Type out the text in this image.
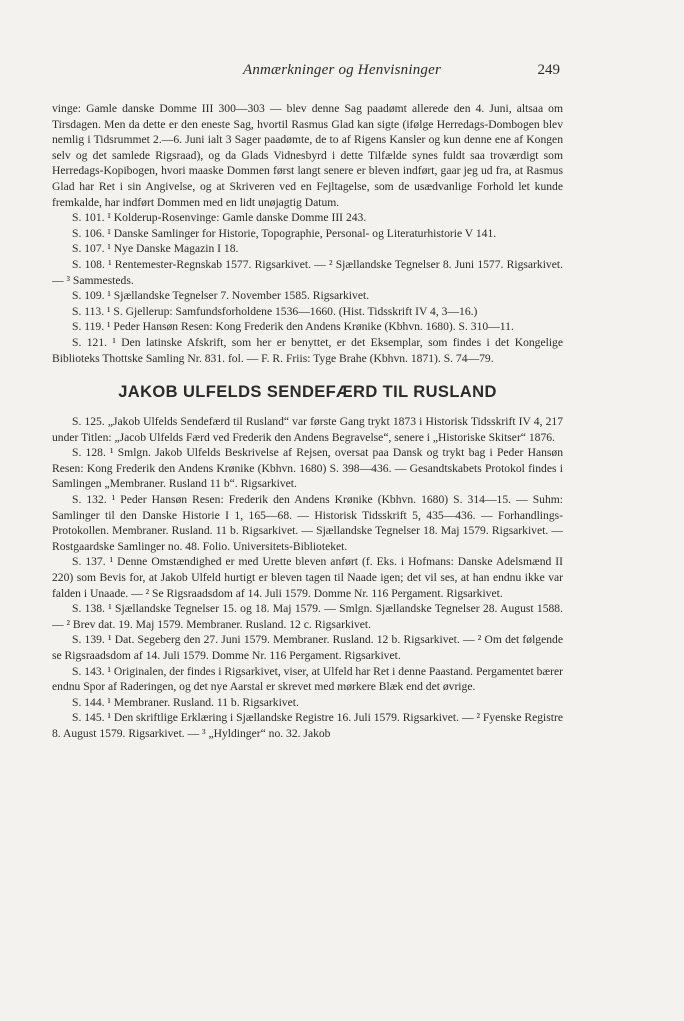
Anmærkninger og Henvisninger	249

vinge: Gamle danske Domme III 300—303 — blev denne Sag paadømt allerede den 4. Juni, altsaa om Tirsdagen. Men da dette er den eneste Sag, hvortil Rasmus Glad kan sigte (ifølge Herredags-Dombogen blev nemlig i Tidsrummet 2.—6. Juni ialt 3 Sager paadømte, de to af Rigens Kansler og kun denne ene af Kongen selv og det samlede Rigsraad), og da Glads Vidnesbyrd i dette Tilfælde synes fuldt saa troværdigt som Herredags-Kopibogen, hvori maaske Dommen først langt senere er bleven indført, gaar jeg ud fra, at Rasmus Glad har Ret i sin Angivelse, og at Skriveren ved en Fejltagelse, som de usædvanlige Forhold let kunde fremkalde, har indført Dommen med en lidt unøjagtig Datum.

S. 101. ¹ Kolderup-Rosenvinge: Gamle danske Domme III 243.

S. 106. ¹ Danske Samlinger for Historie, Topographie, Personal- og Literaturhistorie V 141.

S. 107. ¹ Nye Danske Magazin I 18.

S. 108. ¹ Rentemester-Regnskab 1577. Rigsarkivet. — ² Sjællandske Tegnelser 8. Juni 1577. Rigsarkivet. — ³ Sammesteds.

S. 109. ¹ Sjællandske Tegnelser 7. November 1585. Rigsarkivet.

S. 113. ¹ S. Gjellerup: Samfundsforholdene 1536—1660. (Hist. Tidsskrift IV 4, 3—16.)

S. 119. ¹ Peder Hansøn Resen: Kong Frederik den Andens Krønike (Kbhvn. 1680). S. 310—11.

S. 121. ¹ Den latinske Afskrift, som her er benyttet, er det Eksemplar, som findes i det Kongelige Biblioteks Thottske Samling Nr. 831. fol. — F. R. Friis: Tyge Brahe (Kbhvn. 1871). S. 74—79.

JAKOB ULFELDS SENDEFÆRD TIL RUSLAND

S. 125. „Jakob Ulfelds Sendefærd til Rusland“ var første Gang trykt 1873 i Historisk Tidsskrift IV 4, 217 under Titlen: „Jacob Ulfelds Færd ved Frederik den Andens Begravelse“, senere i „Historiske Skitser“ 1876.

S. 128. ¹ Smlgn. Jakob Ulfelds Beskrivelse af Rejsen, oversat paa Dansk og trykt bag i Peder Hansøn Resen: Kong Frederik den Andens Krønike (Kbhvn. 1680) S. 398—436. — Gesandtskabets Protokol findes i Samlingen „Membraner. Rusland 11 b“. Rigsarkivet.

S. 132. ¹ Peder Hansøn Resen: Frederik den Andens Krønike (Kbhvn. 1680) S. 314—15. — Suhm: Samlinger til den Danske Historie I 1, 165—68. — Historisk Tidsskrift 5, 435—436. — Forhandlings-Protokollen. Membraner. Rusland. 11 b. Rigsarkivet. — Sjællandske Tegnelser 18. Maj 1579. Rigsarkivet. — Rostgaardske Samlinger no. 48. Folio. Universitets-Biblioteket.

S. 137. ¹ Denne Omstændighed er med Urette bleven anført (f. Eks. i Hofmans: Danske Adelsmænd II 220) som Bevis for, at Jakob Ulfeld hurtigt er bleven tagen til Naade igen; det vil ses, at han endnu ikke var falden i Unaade. — ² Se Rigsraadsdom af 14. Juli 1579. Domme Nr. 116 Pergament. Rigsarkivet.

S. 138. ¹ Sjællandske Tegnelser 15. og 18. Maj 1579. — Smlgn. Sjællandske Tegnelser 28. August 1588. — ² Brev dat. 19. Maj 1579. Membraner. Rusland. 12 c. Rigsarkivet.

S. 139. ¹ Dat. Segeberg den 27. Juni 1579. Membraner. Rusland. 12 b. Rigsarkivet. — ² Om det følgende se Rigsraadsdom af 14. Juli 1579. Domme Nr. 116 Pergament. Rigsarkivet.

S. 143. ¹ Originalen, der findes i Rigsarkivet, viser, at Ulfeld har Ret i denne Paastand. Pergamentet bærer endnu Spor af Raderingen, og det nye Aarstal er skrevet med mørkere Blæk end det øvrige.

S. 144. ¹ Membraner. Rusland. 11 b. Rigsarkivet.

S. 145. ¹ Den skriftlige Erklæring i Sjællandske Registre 16. Juli 1579. Rigsarkivet. — ² Fyenske Registre 8. August 1579. Rigsarkivet. — ³ „Hyldinger“ no. 32. Jakob
